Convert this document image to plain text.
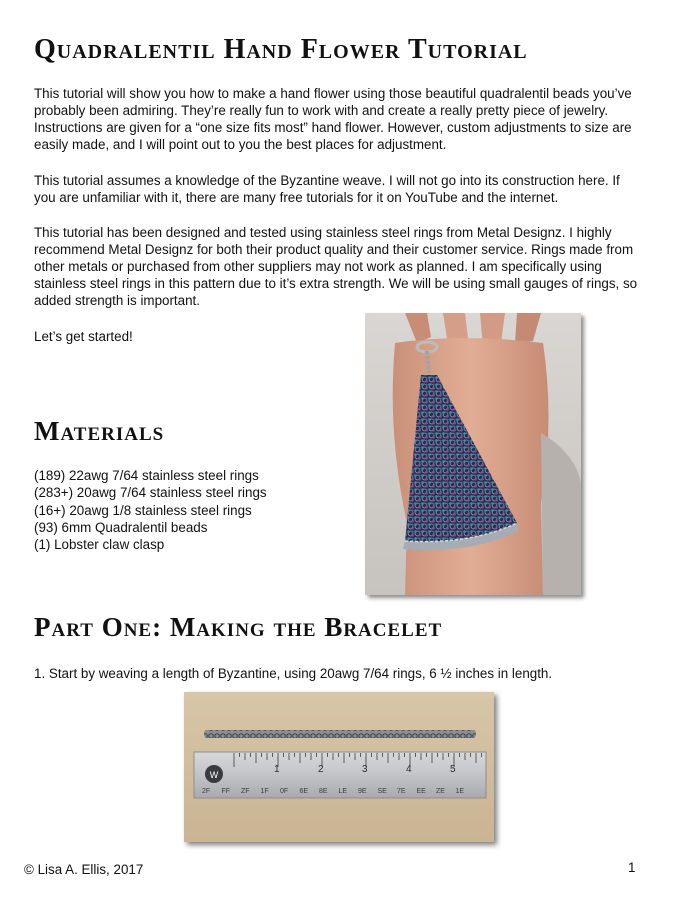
Quadralentil Hand Flower Tutorial

This tutorial will show you how to make a hand flower using those beautiful quadralentil beads you’ve probably been admiring. They’re really fun to work with and create a really pretty piece of jewelry. Instructions are given for a “one size fits most” hand flower. However, custom adjustments to size are easily made, and I will point out to you the best places for adjustment.

This tutorial assumes a knowledge of the Byzantine weave. I will not go into its construction here. If you are unfamiliar with it, there are many free tutorials for it on YouTube and the internet.

This tutorial has been designed and tested using stainless steel rings from Metal Designz. I highly recommend Metal Designz for both their product quality and their customer service. Rings made from other metals or purchased from other suppliers may not work as planned. I am specifically using stainless steel rings in this pattern due to it’s extra strength. We will be using small gauges of rings, so added strength is important.

Let’s get started!

Materials
(189) 22awg 7/64 stainless steel rings
(283+) 20awg 7/64 stainless steel rings
(16+) 20awg 1/8 stainless steel rings
(93) 6mm Quadralentil beads
(1) Lobster claw clasp
Part One: Making the Bracelet

1. Start by weaving a length of Byzantine, using 20awg 7/64 rings, 6 ½ inches in length.

W	1	2	3	4	5
2F FF ZF 1F 0F 6E 8E LE 9E SE 7E EE ZE 1E
© Lisa A. Ellis, 2017	1
